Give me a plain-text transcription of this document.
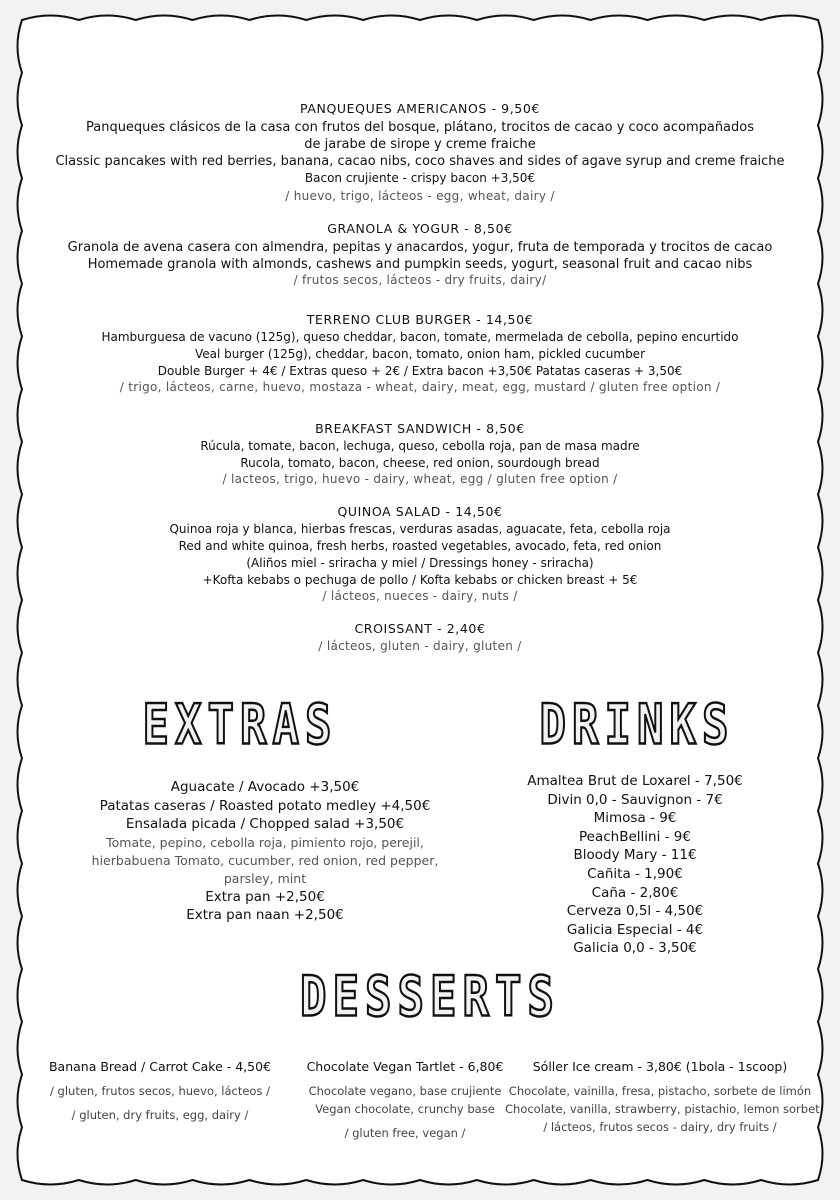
PANQUEQUES AMERICANOS - 9,50€
Panqueques clásicos de la casa con frutos del bosque, plátano, trocitos de cacao y coco acompañados
de jarabe de sirope y creme fraiche
Classic pancakes with red berries, banana, cacao nibs, coco shaves and sides of agave syrup and creme fraiche
Bacon crujiente - crispy bacon +3,50€
/ huevo, trigo, lácteos - egg, wheat, dairy /
GRANOLA & YOGUR - 8,50€
Granola de avena casera con almendra, pepitas y anacardos, yogur, fruta de temporada y trocitos de cacao
Homemade granola with almonds, cashews and pumpkin seeds, yogurt, seasonal fruit and cacao nibs
/ frutos secos, lácteos - dry fruits, dairy/
TERRENO CLUB BURGER - 14,50€
Hamburguesa de vacuno (125g), queso cheddar, bacon, tomate, mermelada de cebolla, pepino encurtido
Veal burger (125g), cheddar, bacon, tomato, onion ham, pickled cucumber
Double Burger + 4€ / Extras queso + 2€ / Extra bacon +3,50€ Patatas caseras + 3,50€
/ trigo, lácteos, carne, huevo, mostaza - wheat, dairy, meat, egg, mustard / gluten free option /
BREAKFAST SANDWICH - 8,50€
Rúcula, tomate, bacon, lechuga, queso, cebolla roja, pan de masa madre
Rucola, tomato, bacon, cheese, red onion, sourdough bread
/ lacteos, trigo, huevo - dairy, wheat, egg / gluten free option /
QUINOA SALAD - 14,50€
Quinoa roja y blanca, hierbas frescas, verduras asadas, aguacate, feta, cebolla roja
Red and white quinoa, fresh herbs, roasted vegetables, avocado, feta, red onion
(Aliños miel - sriracha y miel / Dressings honey - sriracha)
+Kofta kebabs o pechuga de pollo / Kofta kebabs or chicken breast + 5€
/ lácteos, nueces - dairy, nuts /
CROISSANT - 2,40€
/ lácteos, gluten - dairy, gluten /
EXTRAS	DRINKS
Aguacate / Avocado +3,50€
Patatas caseras / Roasted potato medley +4,50€
Ensalada picada / Chopped salad +3,50€
Tomate, pepino, cebolla roja, pimiento rojo, perejil,
hierbabuena Tomato, cucumber, red onion, red pepper,
parsley, mint
Extra pan +2,50€
Extra pan naan +2,50€
Amaltea Brut de Loxarel - 7,50€
Divin 0,0 - Sauvignon - 7€
Mimosa - 9€
PeachBellini - 9€
Bloody Mary - 11€
Cañita - 1,90€
Caña - 2,80€
Cerveza 0,5l - 4,50€
Galicia Especial - 4€
Galicia 0,0 - 3,50€
DESSERTS
Banana Bread / Carrot Cake - 4,50€
/ gluten, frutos secos, huevo, lácteos /
/ gluten, dry fruits, egg, dairy /
Chocolate Vegan Tartlet - 6,80€
Chocolate vegano, base crujiente
Vegan chocolate, crunchy base
/ gluten free, vegan /
Sóller Ice cream - 3,80€ (1bola - 1scoop)
Chocolate, vainilla, fresa, pistacho, sorbete de limón
Chocolate, vanilla, strawberry, pistachio, lemon sorbet
/ lácteos, frutos secos - dairy, dry fruits /
